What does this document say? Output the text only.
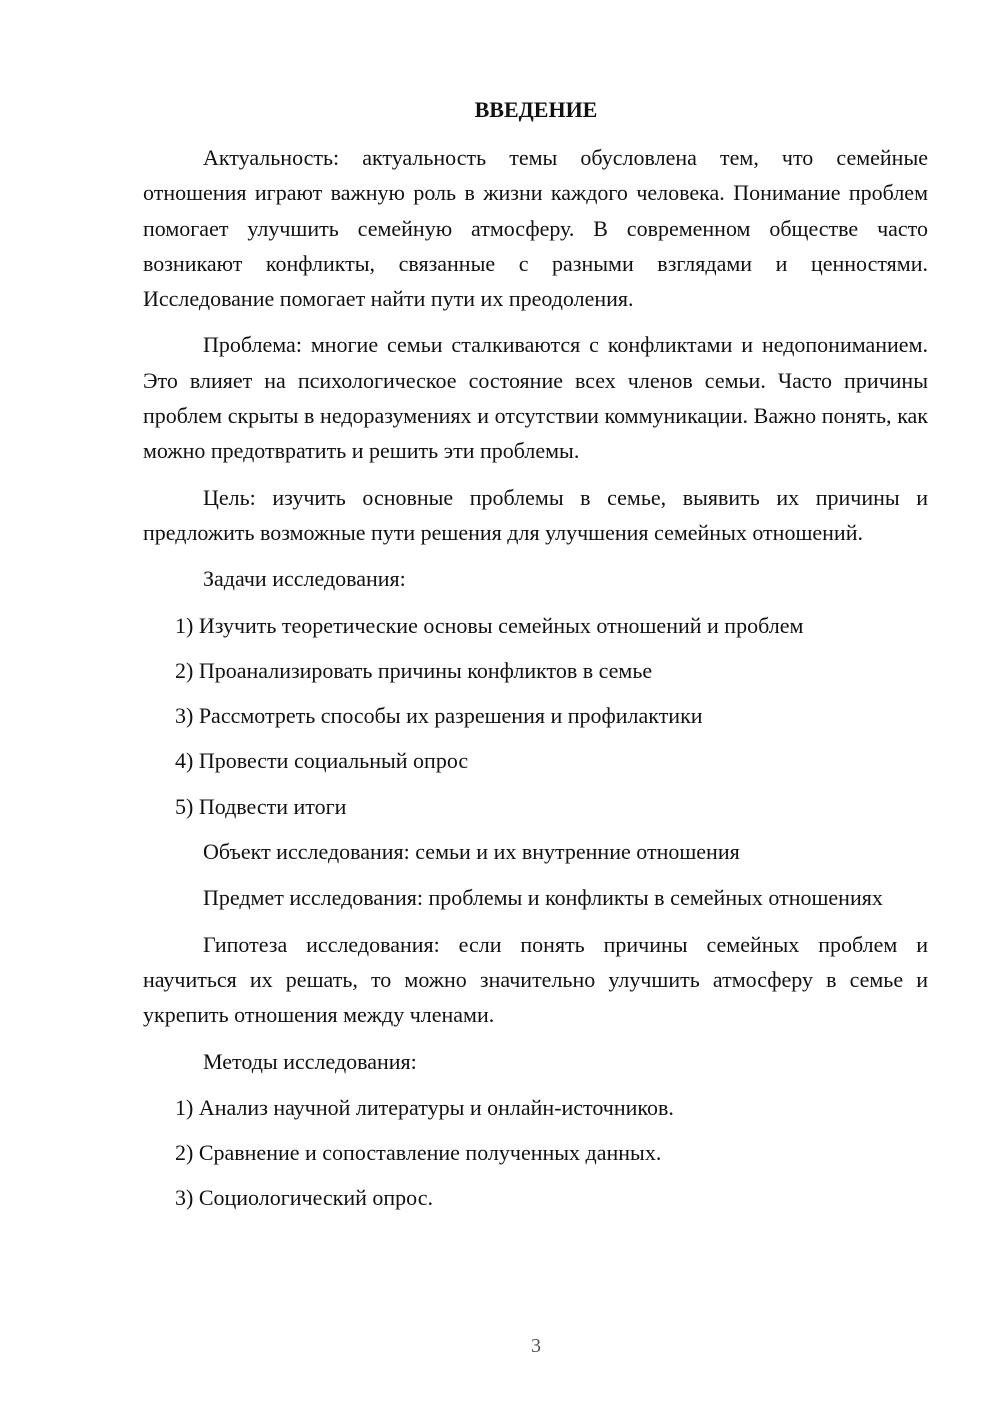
ВВЕДЕНИЕ

Актуальность: актуальность темы обусловлена тем, что семейные отношения играют важную роль в жизни каждого человека. Понимание проблем помогает улучшить семейную атмосферу. В современном обществе часто возникают конфликты, связанные с разными взглядами и ценностями. Исследование помогает найти пути их преодоления.

Проблема: многие семьи сталкиваются с конфликтами и недопониманием. Это влияет на психологическое состояние всех членов семьи. Часто причины проблем скрыты в недоразумениях и отсутствии коммуникации. Важно понять, как можно предотвратить и решить эти проблемы.

Цель: изучить основные проблемы в семье, выявить их причины и предложить возможные пути решения для улучшения семейных отношений.

Задачи исследования:

1) Изучить теоретические основы семейных отношений и проблем
2) Проанализировать причины конфликтов в семье
3) Рассмотреть способы их разрешения и профилактики
4) Провести социальный опрос
5) Подвести итоги

Объект исследования: семьи и их внутренние отношения

Предмет исследования: проблемы и конфликты в семейных отношениях

Гипотеза исследования: если понять причины семейных проблем и научиться их решать, то можно значительно улучшить атмосферу в семье и укрепить отношения между членами.

Методы исследования:

1) Анализ научной литературы и онлайн-источников.
2) Сравнение и сопоставление полученных данных.
3) Социологический опрос.
3
